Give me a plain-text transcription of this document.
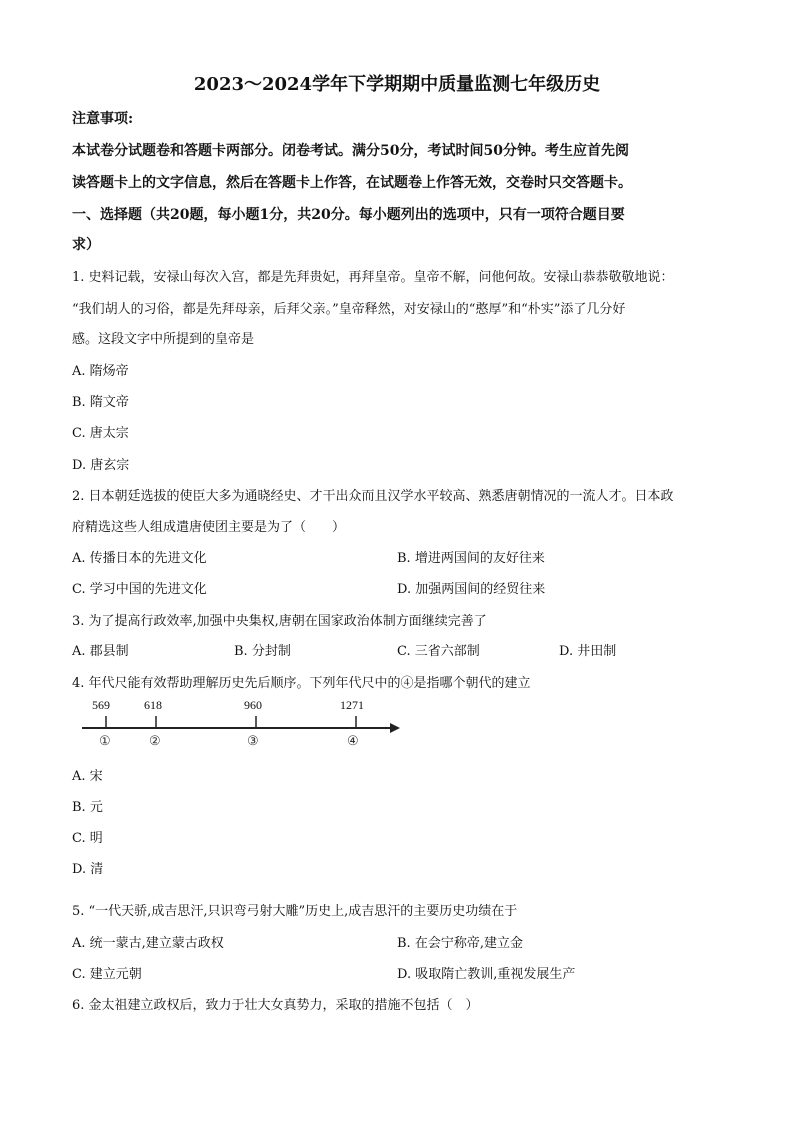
2023～2024学年下学期期中质量监测七年级历史
注意事项:
本试卷分试题卷和答题卡两部分。闭卷考试。满分50分，考试时间50分钟。考生应首先阅
读答题卡上的文字信息，然后在答题卡上作答，在试题卷上作答无效，交卷时只交答题卡。
一、选择题（共20题，每小题1分，共20分。每小题列出的选项中，只有一项符合题目要
求）
1. 史料记载，安禄山每次入宫，都是先拜贵妃，再拜皇帝。皇帝不解，问他何故。安禄山恭恭敬敬地说：
“我们胡人的习俗，都是先拜母亲，后拜父亲。”皇帝释然，对安禄山的“憨厚”和“朴实”添了几分好
感。这段文字中所提到的皇帝是
A. 隋炀帝
B. 隋文帝
C. 唐太宗
D. 唐玄宗
2. 日本朝廷选拔的使臣大多为通晓经史、才干出众而且汉学水平较高、熟悉唐朝情况的一流人才。日本政
府精选这些人组成遣唐使团主要是为了（　　）
A. 传播日本的先进文化	B. 增进两国间的友好往来
C. 学习中国的先进文化	D. 加强两国间的经贸往来
3. 为了提高行政效率,加强中央集权,唐朝在国家政治体制方面继续完善了
A. 郡县制	B. 分封制	C. 三省六部制	D. 井田制
4. 年代尺能有效帮助理解历史先后顺序。下列年代尺中的④是指哪个朝代的建立
569	618	960	1271
①	②	③	④
A. 宋
B. 元
C. 明
D. 清
5. “一代天骄,成吉思汗,只识弯弓射大雕”历史上,成吉思汗的主要历史功绩在于
A. 统一蒙古,建立蒙古政权	B. 在会宁称帝,建立金
C. 建立元朝	D. 吸取隋亡教训,重视发展生产
6. 金太祖建立政权后，致力于壮大女真势力，采取的措施不包括（　）
